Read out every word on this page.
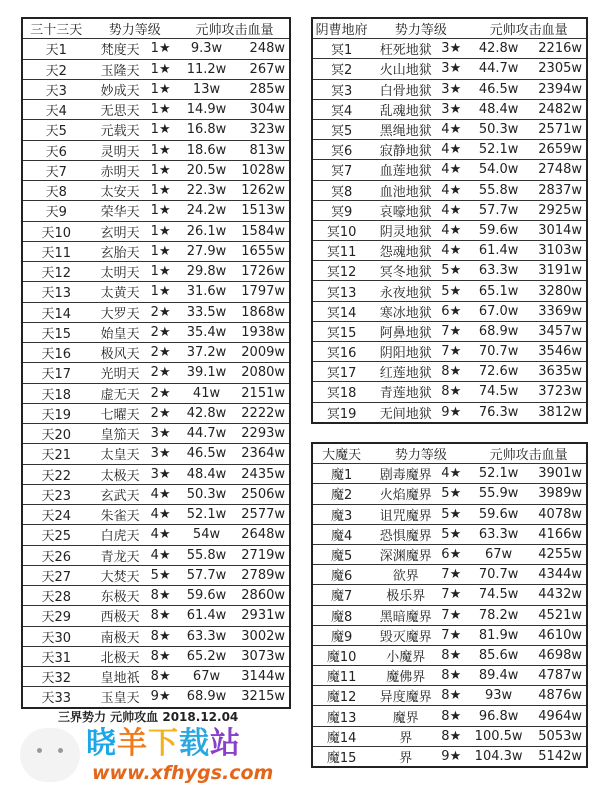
三十三天	势力等级		元帅攻击血量	
天1	梵度天	1★	9.3w	248w
天2	玉隆天	1★	11.2w	267w
天3	妙成天	1★	13w	285w
天4	无思天	1★	14.9w	304w
天5	元载天	1★	16.8w	323w
天6	灵明天	1★	18.6w	813w
天7	赤明天	1★	20.5w	1028w
天8	太安天	1★	22.3w	1262w
天9	荣华天	1★	24.2w	1513w
天10	玄明天	1★	26.1w	1584w
天11	玄胎天	1★	27.9w	1655w
天12	太明天	1★	29.8w	1726w
天13	太黄天	1★	31.6w	1797w
天14	大罗天	2★	33.5w	1868w
天15	始皇天	2★	35.4w	1938w
天16	极风天	2★	37.2w	2009w
天17	光明天	2★	39.1w	2080w
天18	虚无天	2★	41w	2151w
天19	七曜天	2★	42.8w	2222w
天20	皇笳天	3★	44.7w	2293w
天21	太皇天	3★	46.5w	2364w
天22	太极天	3★	48.4w	2435w
天23	玄武天	4★	50.3w	2506w
天24	朱雀天	4★	52.1w	2577w
天25	白虎天	4★	54w	2648w
天26	青龙天	4★	55.8w	2719w
天27	大焚天	5★	57.7w	2789w
天28	东极天	8★	59.6w	2860w
天29	西极天	8★	61.4w	2931w
天30	南极天	8★	63.3w	3002w
天31	北极天	8★	65.2w	3073w
天32	皇地祇	8★	67w	3144w
天33	玉皇天	9★	68.9w	3215w
阴曹地府	势力等级		元帅攻击血量	
冥1	枉死地狱	3★	42.8w	2216w
冥2	火山地狱	3★	44.7w	2305w
冥3	白骨地狱	3★	46.5w	2394w
冥4	乱魂地狱	3★	48.4w	2482w
冥5	黑绳地狱	4★	50.3w	2571w
冥6	寂静地狱	4★	52.1w	2659w
冥7	血莲地狱	4★	54.0w	2748w
冥8	血池地狱	4★	55.8w	2837w
冥9	哀嚎地狱	4★	57.7w	2925w
冥10	阴灵地狱	4★	59.6w	3014w
冥11	怨魂地狱	4★	61.4w	3103w
冥12	冥冬地狱	5★	63.3w	3191w
冥13	永夜地狱	5★	65.1w	3280w
冥14	寒冰地狱	6★	67.0w	3369w
冥15	阿鼻地狱	7★	68.9w	3457w
冥16	阴阳地狱	7★	70.7w	3546w
冥17	红莲地狱	8★	72.6w	3635w
冥18	青莲地狱	8★	74.5w	3723w
冥19	无间地狱	9★	76.3w	3812w
大魔天	势力等级		元帅攻击血量	
魔1	剧毒魔界	4★	52.1w	3901w
魔2	火焰魔界	5★	55.9w	3989w
魔3	诅咒魔界	5★	59.6w	4078w
魔4	恐惧魔界	5★	63.3w	4166w
魔5	深渊魔界	6★	67w	4255w
魔6	欲界	7★	70.7w	4344w
魔7	极乐界	7★	74.5w	4432w
魔8	黑暗魔界	7★	78.2w	4521w
魔9	毁灭魔界	7★	81.9w	4610w
魔10	小魔界	8★	85.6w	4698w
魔11	魔佛界	8★	89.4w	4787w
魔12	异度魔界	8★	93w	4876w
魔13	魔界	8★	96.8w	4964w
魔14	界	8★	100.5w	5053w
魔15	界	9★	104.3w	5142w
三界势力 元帅攻血 2018.12.04
晓羊下载站
www.xfhygs.com
